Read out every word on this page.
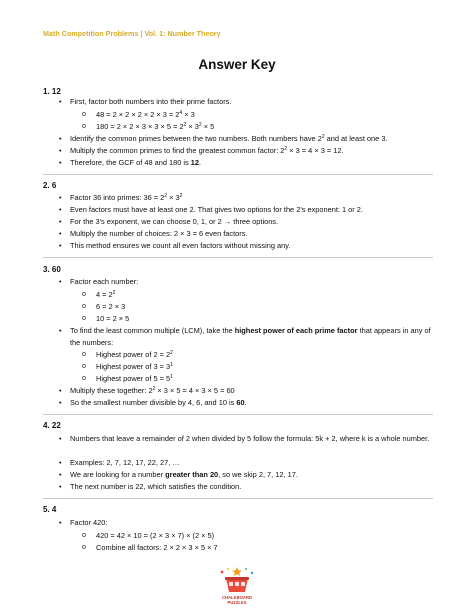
Math Competition Problems | Vol. 1: Number Theory
Answer Key
1. 12
•	First, factor both numbers into their prime factors.
o	$48 = 2 \times 2 \times 2 \times 2 \times 3 = 2^4 \times 3$
o	$180 = 2 \times 2 \times 3 \times 3 \times 5 = 2^2 \times 3^2 \times 5$
•	Identify the common primes between the two numbers. Both numbers have $2^2$ and at least one 3.
•	Multiply the common primes to find the greatest common factor: $2^2 \times 3 = 4 \times 3 = 12$.
•	Therefore, the GCF of 48 and 180 is 12.
2. 6
•	Factor 36 into primes: $36 = 2^2 \times 3^2$
•	Even factors must have at least one 2. That gives two options for the 2's exponent: 1 or 2.
•	For the 3's exponent, we can choose 0, 1, or 2 → three options.
•	Multiply the number of choices: 2 × 3 = 6 even factors.
•	This method ensures we count all even factors without missing any.
3. 60
•	Factor each number:
o	$4 = 2^2$
o	6 = 2 × 3
o	10 = 2 × 5
•	To find the least common multiple (LCM), take the highest power of each prime factor that appears in any of the numbers:
o	Highest power of $2 = 2^2$
o	Highest power of $3 = 3^1$
o	Highest power of $5 = 5^1$
•	Multiply these together: $2^2 \times 3 \times 5 = 4 \times 3 \times 5 = 60$
•	So the smallest number divisible by 4, 6, and 10 is 60.
4. 22
•	Numbers that leave a remainder of 2 when divided by 5 follow the formula: 5k + 2, where k is a whole number.
•	Examples: 2, 7, 12, 17, 22, 27, …
•	We are looking for a number greater than 20, so we skip 2, 7, 12, 17.
•	The next number is 22, which satisfies the condition.
5. 4
•	Factor 420:
o	420 = 42 × 10 = (2 × 3 × 7) × (2 × 5)
o	Combine all factors: 2 × 2 × 3 × 5 × 7
CHALKBOARD
PUZZLES
